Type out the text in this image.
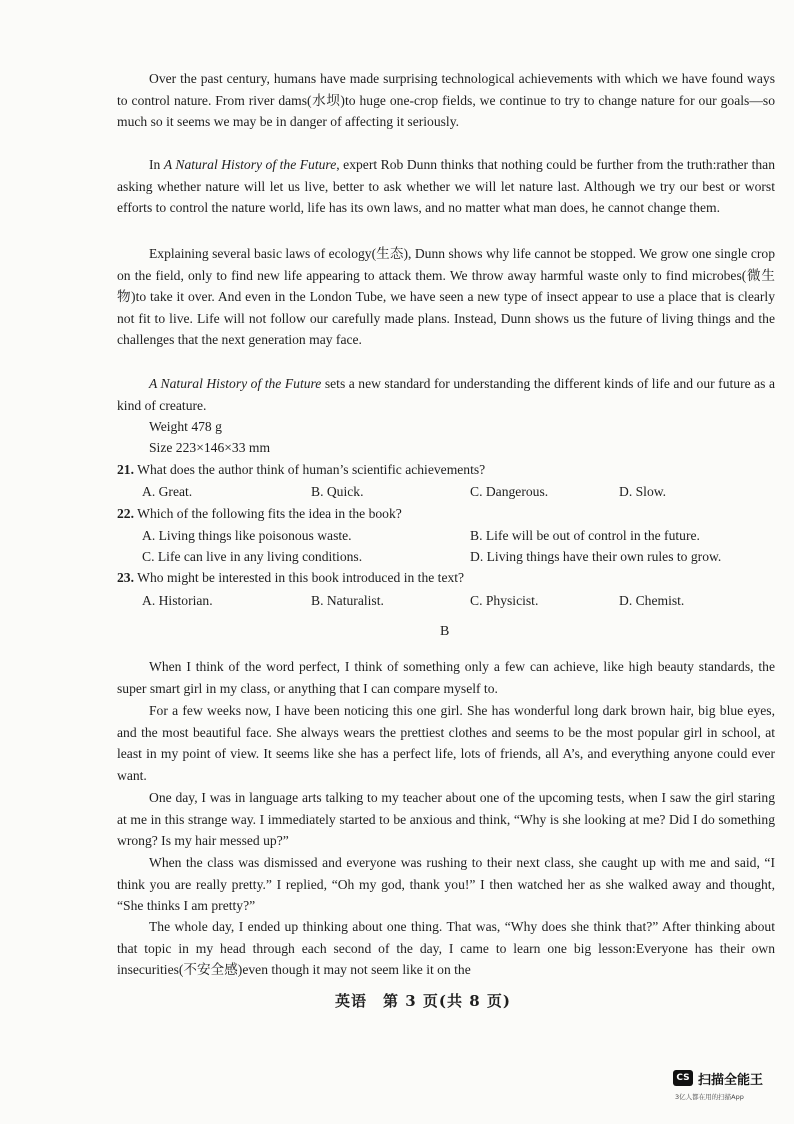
Over the past century, humans have made surprising technological achievements with which we have found ways to control nature. From river dams(水坝)to huge one-crop fields, we continue to try to change nature for our goals—so much so it seems we may be in danger of affecting it seriously.

In A Natural History of the Future, expert Rob Dunn thinks that nothing could be further from the truth:rather than asking whether nature will let us live, better to ask whether we will let nature last. Although we try our best or worst efforts to control the nature world, life has its own laws, and no matter what man does, he cannot change them.

Explaining several basic laws of ecology(生态), Dunn shows why life cannot be stopped. We grow one single crop on the field, only to find new life appearing to attack them. We throw away harmful waste only to find microbes(微生物)to take it over. And even in the London Tube, we have seen a new type of insect appear to use a place that is clearly not fit to live. Life will not follow our carefully made plans. Instead, Dunn shows us the future of living things and the challenges that the next generation may face.

A Natural History of the Future sets a new standard for understanding the different kinds of life and our future as a kind of creature.

Weight 478 g
Size 223×146×33 mm
21. What does the author think of human’s scientific achievements?
A. Great.	B. Quick.	C. Dangerous.	D. Slow.
22. Which of the following fits the idea in the book?
A. Living things like poisonous waste.	B. Life will be out of control in the future.
C. Life can live in any living conditions.	D. Living things have their own rules to grow.
23. Who might be interested in this book introduced in the text?
A. Historian.	B. Naturalist.	C. Physicist.	D. Chemist.
B

When I think of the word perfect, I think of something only a few can achieve, like high beauty standards, the super smart girl in my class, or anything that I can compare myself to.

For a few weeks now, I have been noticing this one girl. She has wonderful long dark brown hair, big blue eyes, and the most beautiful face. She always wears the prettiest clothes and seems to be the most popular girl in school, at least in my point of view. It seems like she has a perfect life, lots of friends, all A’s, and everything anyone could ever want.

One day, I was in language arts talking to my teacher about one of the upcoming tests, when I saw the girl staring at me in this strange way. I immediately started to be anxious and think, “Why is she looking at me? Did I do something wrong? Is my hair messed up?”

When the class was dismissed and everyone was rushing to their next class, she caught up with me and said, “I think you are really pretty.” I replied, “Oh my god, thank you!” I then watched her as she walked away and thought, “She thinks I am pretty?”

The whole day, I ended up thinking about one thing. That was, “Why does she think that?” After thinking about that topic in my head through each second of the day, I came to learn one big lesson:Everyone has their own insecurities(不安全感)even though it may not seem like it on the

英语　第 3 页(共 8 页)
CS 扫描全能王
3亿人都在用的扫描App
